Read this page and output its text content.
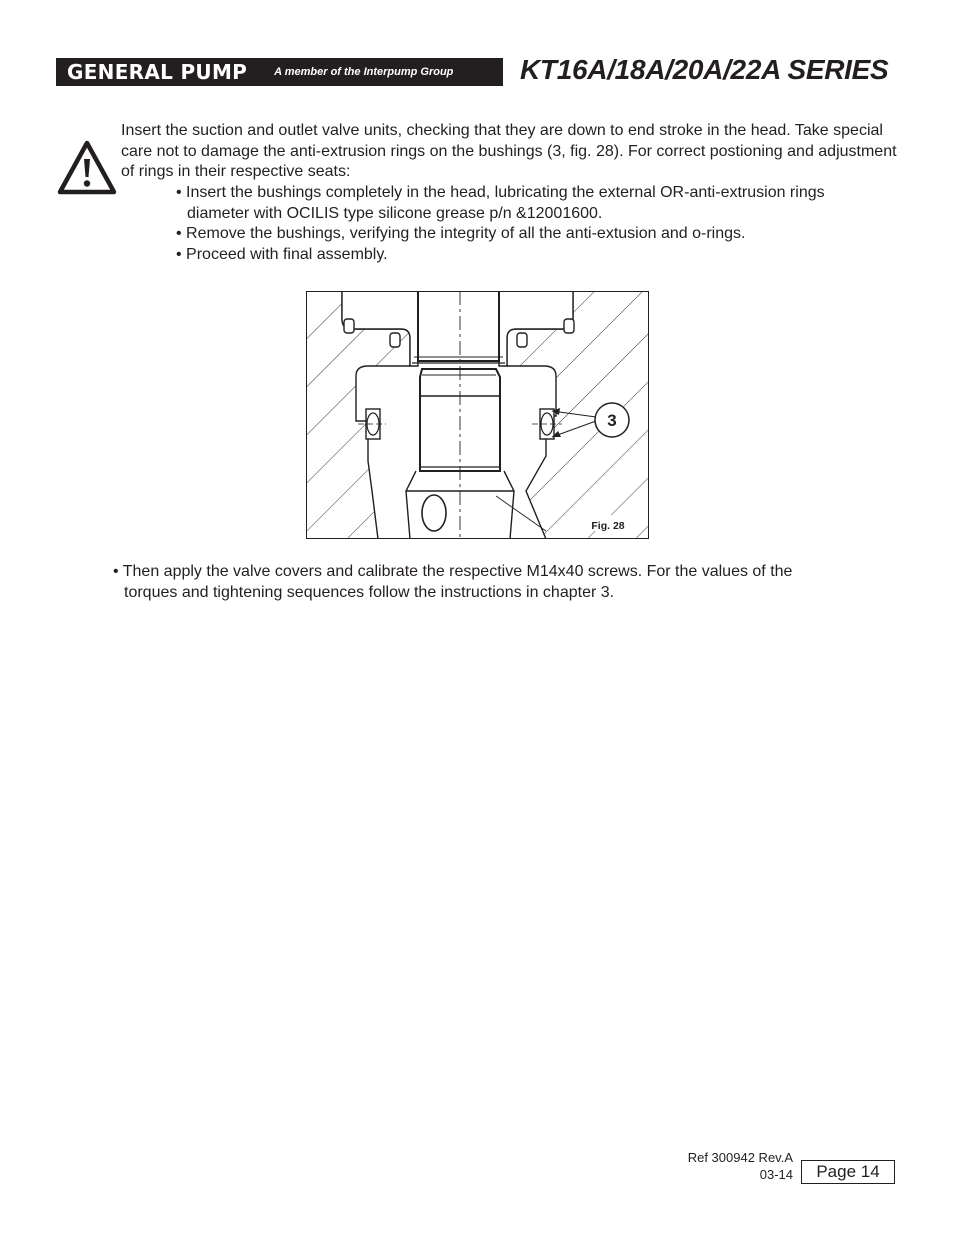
GENERAL PUMP A member of the Interpump Group KT16A/18A/20A/22A SERIES
Insert the suction and outlet valve units, checking that they are down to end stroke in the head. Take special care not to damage the anti-extrusion rings on the bushings (3, fig. 28). For correct postioning and adjustment of rings in their respective seats:
• Insert the bushings completely in the head, lubricating the external OR-anti-extrusion rings
diameter with OCILIS type silicone grease p/n &12001600.
• Remove the bushings, verifying the integrity of all the anti-extusion and o-rings.
• Proceed with final assembly.
3
Fig. 28
• Then apply the valve covers and calibrate the respective M14x40 screws. For the values of the
torques and tightening sequences follow the instructions in chapter 3.
Ref 300942 Rev.A
03-14	Page 14
